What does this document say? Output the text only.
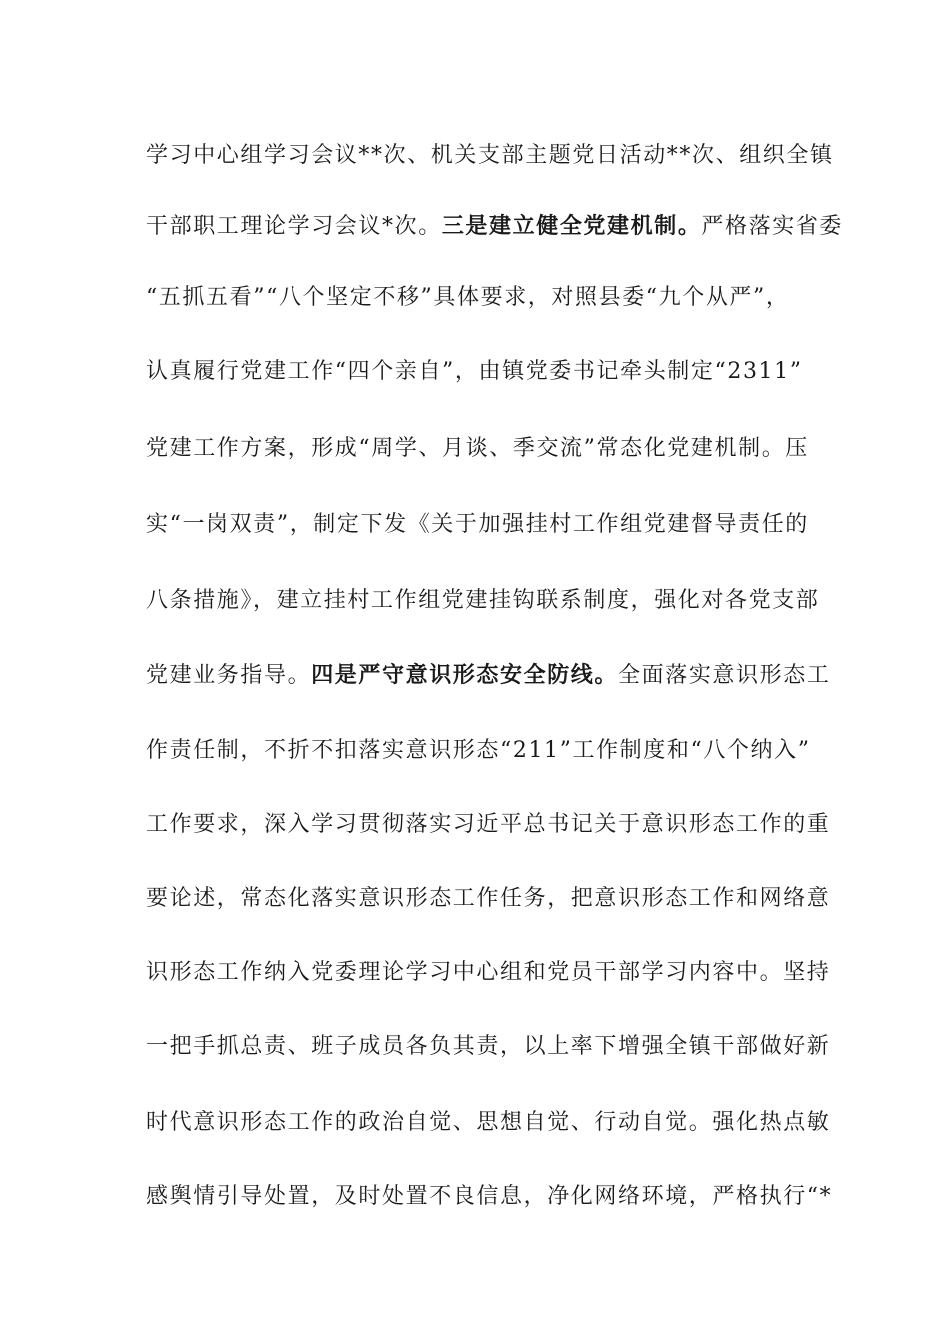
学习中心组学习会议**次、机关支部主题党日活动**次、组织全镇
干部职工理论学习会议*次。三是建立健全党建机制。严格落实省委
“五抓五看”“八个坚定不移”具体要求，对照县委“九个从严”，
认真履行党建工作“四个亲自”，由镇党委书记牵头制定“2311”
党建工作方案，形成“周学、月谈、季交流”常态化党建机制。压
实“一岗双责”，制定下发《关于加强挂村工作组党建督导责任的
八条措施》，建立挂村工作组党建挂钩联系制度，强化对各党支部
党建业务指导。四是严守意识形态安全防线。全面落实意识形态工
作责任制，不折不扣落实意识形态“211”工作制度和“八个纳入”
工作要求，深入学习贯彻落实习近平总书记关于意识形态工作的重
要论述，常态化落实意识形态工作任务，把意识形态工作和网络意
识形态工作纳入党委理论学习中心组和党员干部学习内容中。坚持
一把手抓总责、班子成员各负其责，以上率下增强全镇干部做好新
时代意识形态工作的政治自觉、思想自觉、行动自觉。强化热点敏
感舆情引导处置，及时处置不良信息，净化网络环境，严格执行“*
